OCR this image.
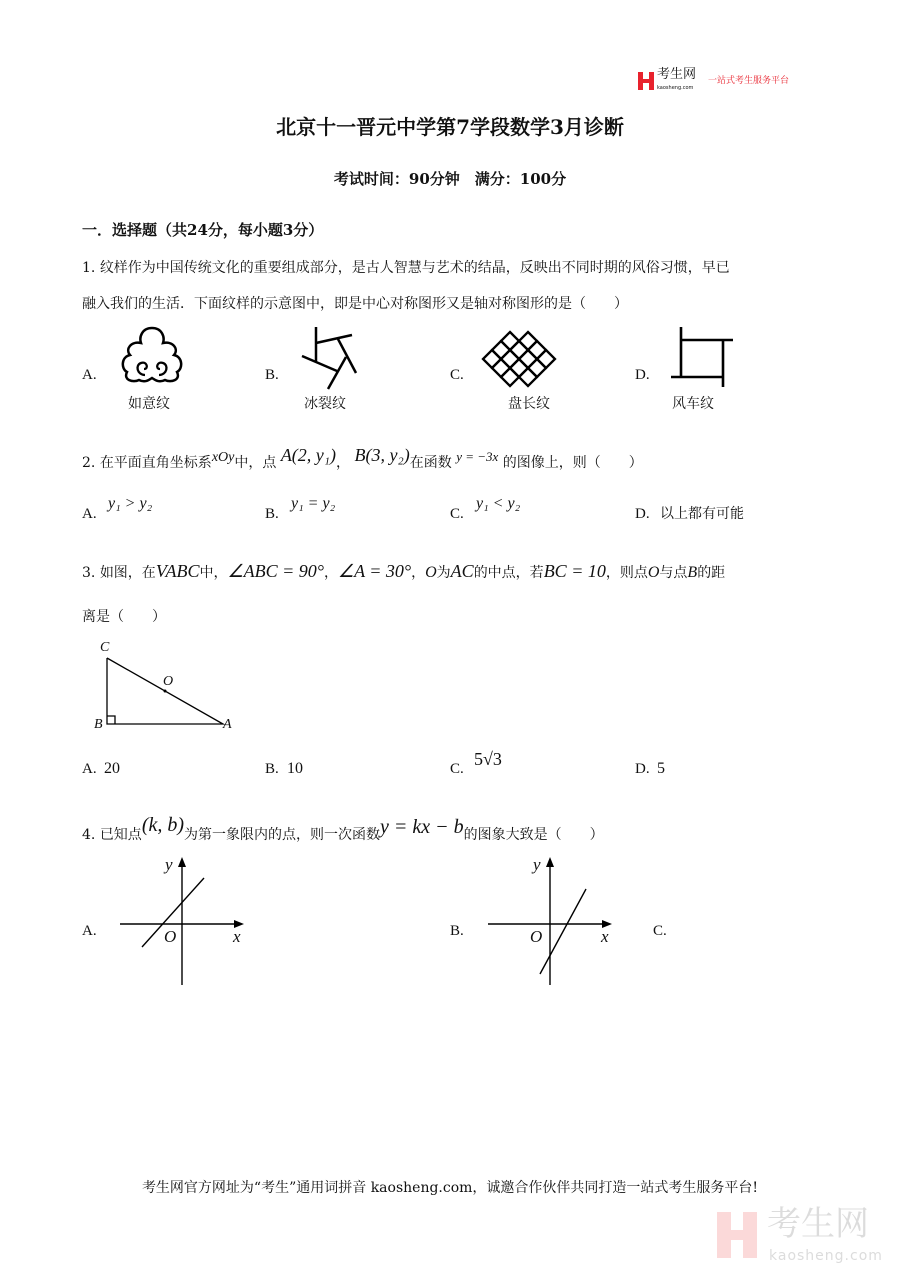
考生网
kaosheng.com
一站式考生服务平台
北京十一晋元中学第7学段数学3月诊断
考试时间：90分钟　满分：100分
一．选择题（共24分，每小题3分）
1. 纹样作为中国传统文化的重要组成部分，是古人智慧与艺术的结晶，反映出不同时期的风俗习惯，早已
融入我们的生活．下面纹样的示意图中，即是中心对称图形又是轴对称图形的是（　　）
A.	B.	C.	D.
如意纹	冰裂纹	盘长纹	风车纹
2. 在平面直角坐标系xOy中，点 A(2, y₁)， B(3, y₂)在函数 y = −3x 的图像上，则（　　）
A.
y₁ > y₂
B.
y₁ = y₂
C.
y₁ < y₂
D. 以上都有可能
3. 如图，在VABC中，∠ABC = 90°，∠A = 30°，O为AC的中点，若BC = 10，则点O与点B的距
离是（　　）
C
O
B	A
A. 20	B. 10	C. 5√3	D. 5
4. 已知点(k, b)为第一象限内的点，则一次函数y = kx − b的图象大致是（　　）
A.
y
O	x	B.
y
O	x	C.
考生网官方网址为“考生”通用词拼音 kaosheng.com，诚邀合作伙伴共同打造一站式考生服务平台!
考生网
kaosheng.com
